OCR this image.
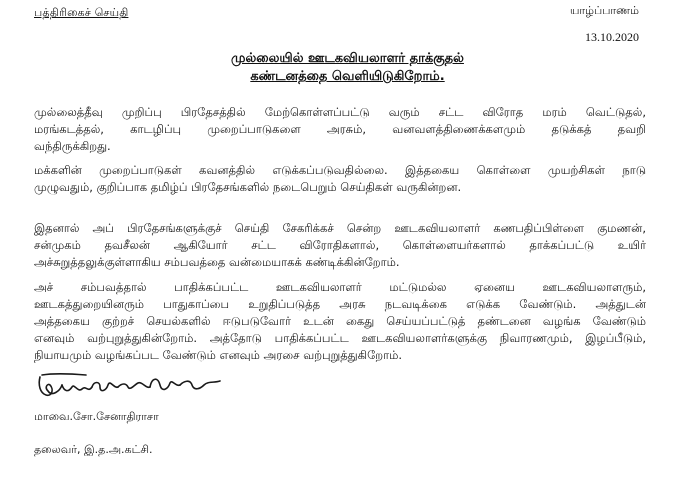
பத்திரிகைச் செய்தி	யாழ்ப்பாணம்
13.10.2020
முல்லையில் ஊடகவியலாளர் தாக்குதல்
கண்டனத்தை வெளியிடுகிறோம்.
முல்லைத்தீவு முறிப்பு பிரதேசத்தில் மேற்கொள்ளப்பட்டு வரும் சட்ட விரோத மரம் வெட்டுதல்,
மரங்கடத்தல், காடழிப்பு முறைப்பாடுகளை அரசும், வனவளத்திணைக்களமும் தடுக்கத் தவறி
வந்திருக்கிறது.
மக்களின் முறைப்பாடுகள் கவனத்தில் எடுக்கப்படுவதில்லை. இத்தகைய கொள்ளை முயற்சிகள் நாடு
முழுவதும், குறிப்பாக தமிழ்ப் பிரதேசங்களில் நடைபெறும் செய்திகள் வருகின்றன.
இதனால் அப் பிரதேசங்களுக்குச் செய்தி சேகரிக்கச் சென்ற ஊடகவியலாளர் கணபதிப்பிள்ளை குமணன்,
சன்முகம் தவசீலன் ஆகியோர் சட்ட விரோதிகளால், கொள்ளையர்களால் தாக்கப்பட்டு உயிர்
அச்சுறுத்தலுக்குள்ளாகிய சம்பவத்தை வன்மையாகக் கண்டிக்கின்றோம்.
அச் சம்பவத்தால் பாதிக்கப்பட்ட ஊடகவியலாளர் மட்டுமல்ல ஏனைய ஊடகவியலாளரும்,
ஊடகத்துறையினரும் பாதுகாப்பை உறுதிப்படுத்த அரசு நடவடிக்கை எடுக்க வேண்டும். அத்துடன்
அத்தகைய குற்றச் செயல்களில் ஈடுபடுவோர் உடன் கைது செய்யப்பட்டுத் தண்டனை வழங்க வேண்டும்
எனவும் வற்புறுத்துகின்றோம். அத்தோடு பாதிக்கப்பட்ட ஊடகவியலாளர்களுக்கு நிவாரணமும், இழப்பீடும்,
நியாயமும் வழங்கப்பட வேண்டும் எனவும் அரசை வற்புறுத்துகிறோம்.
மாவை.சோ.சேனாதிராசா
தலைவர், இ.த.அ.கட்சி.
